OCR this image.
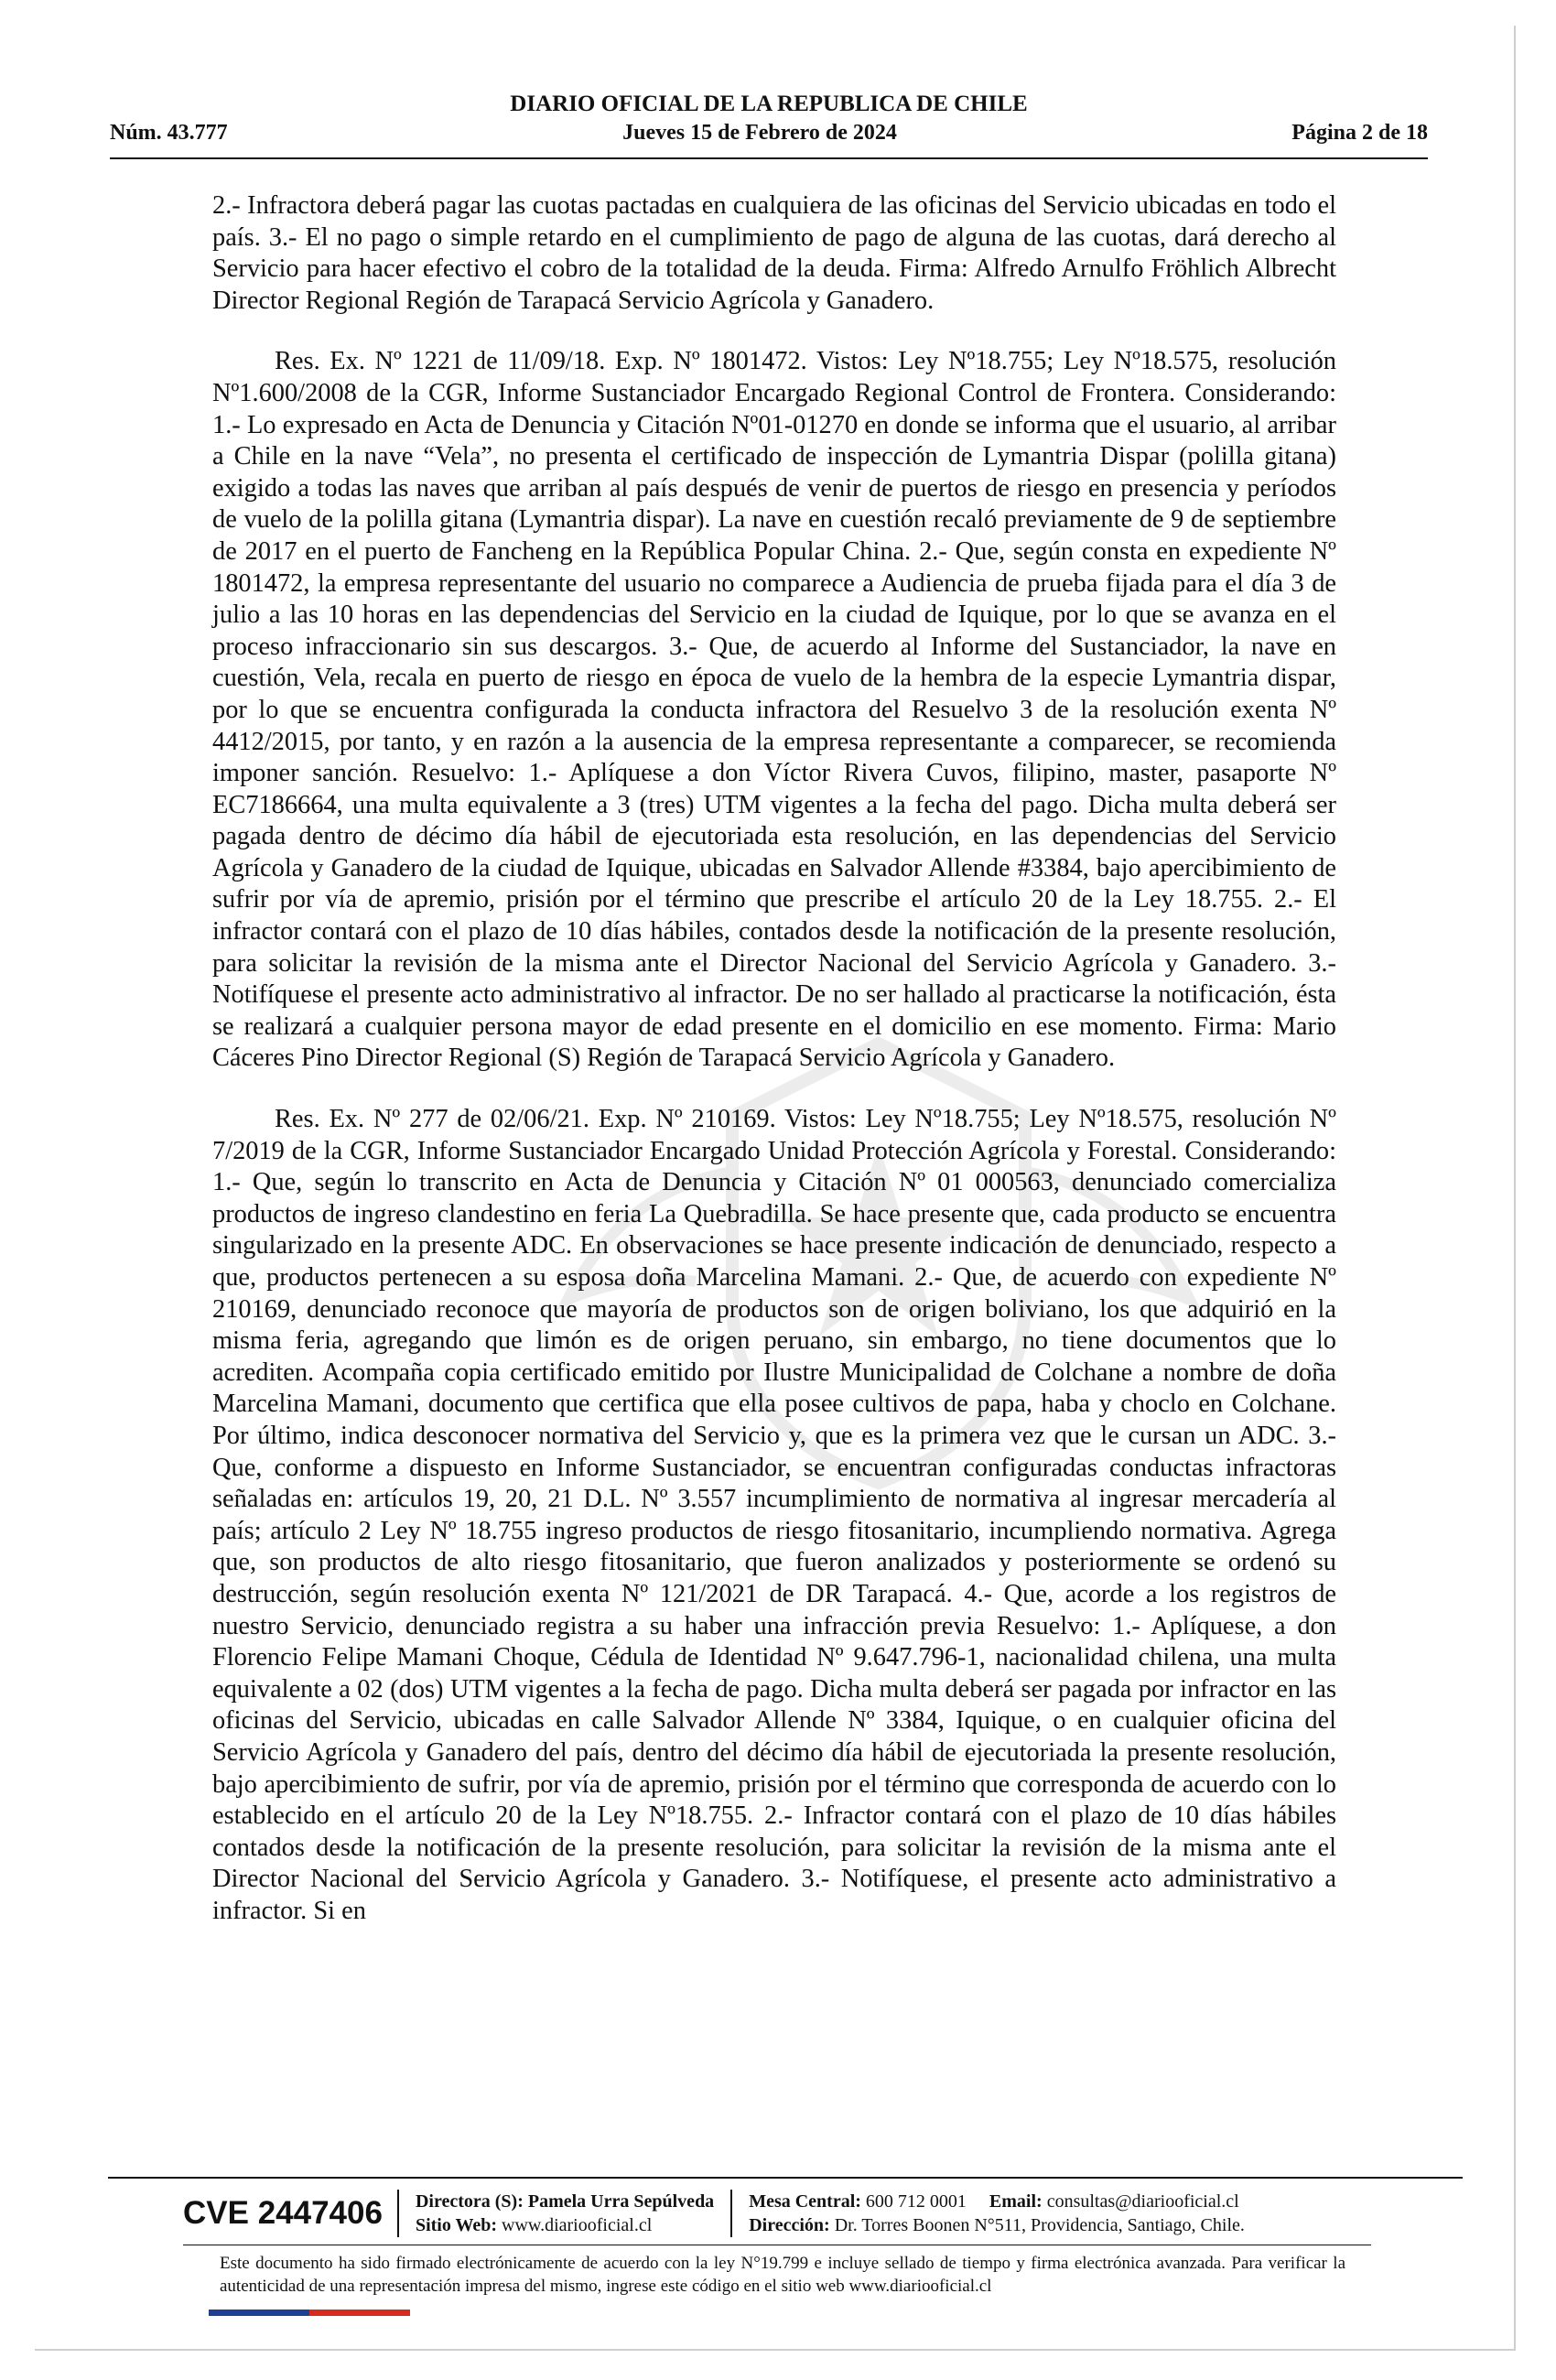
DIARIO OFICIAL DE LA REPUBLICA DE CHILE
Núm. 43.777	Jueves 15 de Febrero de 2024	Página 2 de 18

2.- Infractora deberá pagar las cuotas pactadas en cualquiera de las oficinas del Servicio ubicadas en todo el país. 3.- El no pago o simple retardo en el cumplimiento de pago de alguna de las cuotas, dará derecho al Servicio para hacer efectivo el cobro de la totalidad de la deuda. Firma: Alfredo Arnulfo Fröhlich Albrecht Director Regional Región de Tarapacá Servicio Agrícola y Ganadero.

Res. Ex. Nº 1221 de 11/09/18. Exp. Nº 1801472. Vistos: Ley Nº18.755; Ley Nº18.575, resolución Nº1.600/2008 de la CGR, Informe Sustanciador Encargado Regional Control de Frontera. Considerando: 1.- Lo expresado en Acta de Denuncia y Citación Nº01-01270 en donde se informa que el usuario, al arribar a Chile en la nave “Vela”, no presenta el certificado de inspección de Lymantria Dispar (polilla gitana) exigido a todas las naves que arriban al país después de venir de puertos de riesgo en presencia y períodos de vuelo de la polilla gitana (Lymantria dispar). La nave en cuestión recaló previamente de 9 de septiembre de 2017 en el puerto de Fancheng en la República Popular China. 2.- Que, según consta en expediente Nº 1801472, la empresa representante del usuario no comparece a Audiencia de prueba fijada para el día 3 de julio a las 10 horas en las dependencias del Servicio en la ciudad de Iquique, por lo que se avanza en el proceso infraccionario sin sus descargos. 3.- Que, de acuerdo al Informe del Sustanciador, la nave en cuestión, Vela, recala en puerto de riesgo en época de vuelo de la hembra de la especie Lymantria dispar, por lo que se encuentra configurada la conducta infractora del Resuelvo 3 de la resolución exenta Nº 4412/2015, por tanto, y en razón a la ausencia de la empresa representante a comparecer, se recomienda imponer sanción. Resuelvo: 1.- Aplíquese a don Víctor Rivera Cuvos, filipino, master, pasaporte Nº EC7186664, una multa equivalente a 3 (tres) UTM vigentes a la fecha del pago. Dicha multa deberá ser pagada dentro de décimo día hábil de ejecutoriada esta resolución, en las dependencias del Servicio Agrícola y Ganadero de la ciudad de Iquique, ubicadas en Salvador Allende #3384, bajo apercibimiento de sufrir por vía de apremio, prisión por el término que prescribe el artículo 20 de la Ley 18.755. 2.- El infractor contará con el plazo de 10 días hábiles, contados desde la notificación de la presente resolución, para solicitar la revisión de la misma ante el Director Nacional del Servicio Agrícola y Ganadero. 3.- Notifíquese el presente acto administrativo al infractor. De no ser hallado al practicarse la notificación, ésta se realizará a cualquier persona mayor de edad presente en el domicilio en ese momento. Firma: Mario Cáceres Pino Director Regional (S) Región de Tarapacá Servicio Agrícola y Ganadero.

Res. Ex. Nº 277 de 02/06/21. Exp. Nº 210169. Vistos: Ley Nº18.755; Ley Nº18.575, resolución Nº 7/2019 de la CGR, Informe Sustanciador Encargado Unidad Protección Agrícola y Forestal. Considerando: 1.- Que, según lo transcrito en Acta de Denuncia y Citación Nº 01 000563, denunciado comercializa productos de ingreso clandestino en feria La Quebradilla. Se hace presente que, cada producto se encuentra singularizado en la presente ADC. En observaciones se hace presente indicación de denunciado, respecto a que, productos pertenecen a su esposa doña Marcelina Mamani. 2.- Que, de acuerdo con expediente Nº 210169, denunciado reconoce que mayoría de productos son de origen boliviano, los que adquirió en la misma feria, agregando que limón es de origen peruano, sin embargo, no tiene documentos que lo acrediten. Acompaña copia certificado emitido por Ilustre Municipalidad de Colchane a nombre de doña Marcelina Mamani, documento que certifica que ella posee cultivos de papa, haba y choclo en Colchane. Por último, indica desconocer normativa del Servicio y, que es la primera vez que le cursan un ADC. 3.- Que, conforme a dispuesto en Informe Sustanciador, se encuentran configuradas conductas infractoras señaladas en: artículos 19, 20, 21 D.L. Nº 3.557 incumplimiento de normativa al ingresar mercadería al país; artículo 2 Ley Nº 18.755 ingreso productos de riesgo fitosanitario, incumpliendo normativa. Agrega que, son productos de alto riesgo fitosanitario, que fueron analizados y posteriormente se ordenó su destrucción, según resolución exenta Nº 121/2021 de DR Tarapacá. 4.- Que, acorde a los registros de nuestro Servicio, denunciado registra a su haber una infracción previa Resuelvo: 1.- Aplíquese, a don Florencio Felipe Mamani Choque, Cédula de Identidad Nº 9.647.796-1, nacionalidad chilena, una multa equivalente a 02 (dos) UTM vigentes a la fecha de pago. Dicha multa deberá ser pagada por infractor en las oficinas del Servicio, ubicadas en calle Salvador Allende Nº 3384, Iquique, o en cualquier oficina del Servicio Agrícola y Ganadero del país, dentro del décimo día hábil de ejecutoriada la presente resolución, bajo apercibimiento de sufrir, por vía de apremio, prisión por el término que corresponda de acuerdo con lo establecido en el artículo 20 de la Ley Nº18.755. 2.- Infractor contará con el plazo de 10 días hábiles contados desde la notificación de la presente resolución, para solicitar la revisión de la misma ante el Director Nacional del Servicio Agrícola y Ganadero. 3.- Notifíquese, el presente acto administrativo a infractor. Si en

CVE 2447406	Directora (S): Pamela Urra Sepúlveda
Sitio Web: www.diariooficial.cl
Mesa Central: 600 712 0001 Email: consultas@diariooficial.cl
Dirección: Dr. Torres Boonen N°511, Providencia, Santiago, Chile.
Este documento ha sido firmado electrónicamente de acuerdo con la ley N°19.799 e incluye sellado de tiempo y firma electrónica avanzada. Para verificar la autenticidad de una representación impresa del mismo, ingrese este código en el sitio web www.diariooficial.cl
